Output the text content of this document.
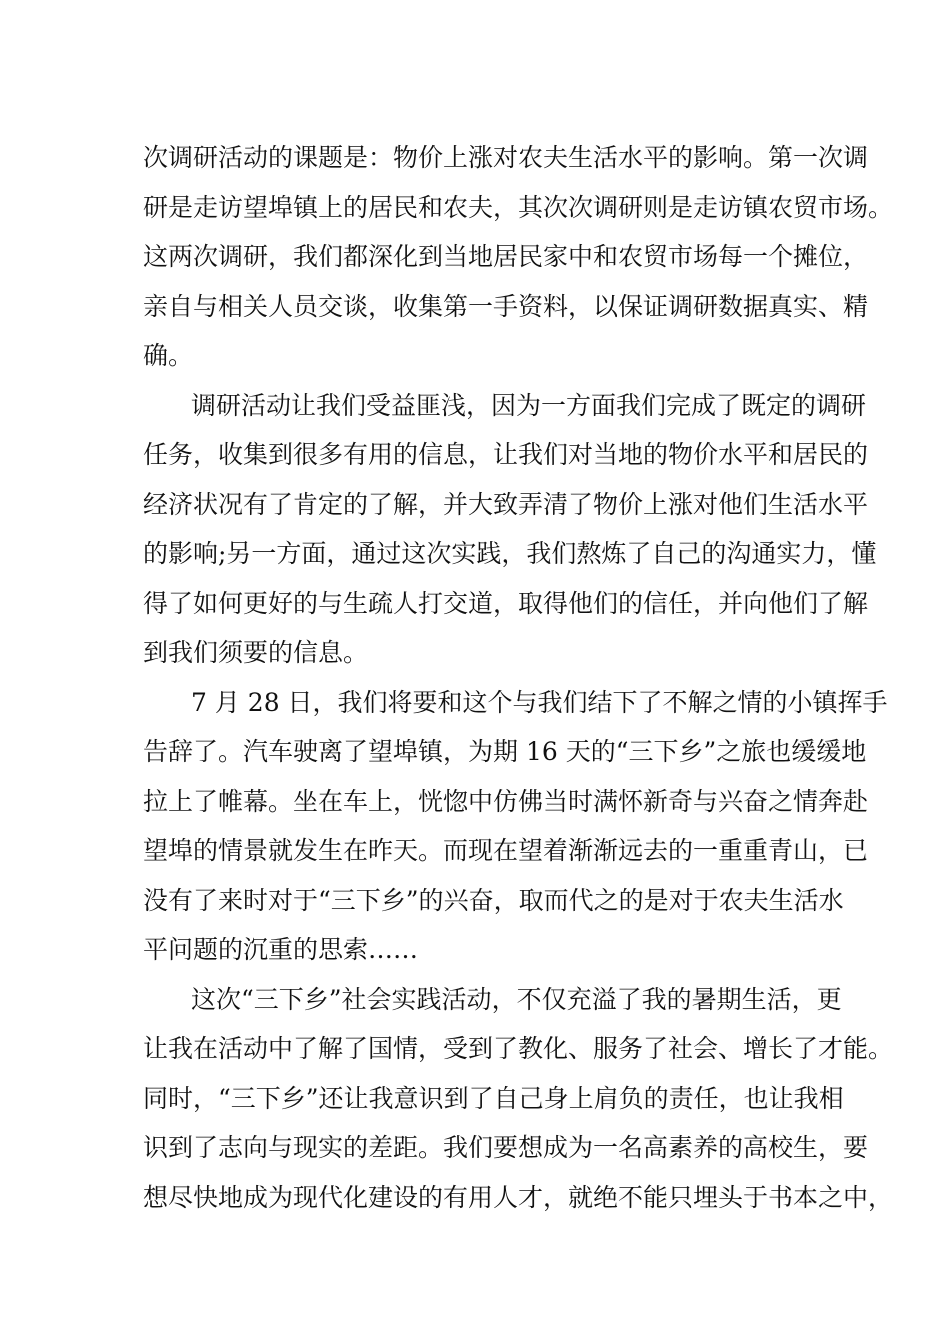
次调研活动的课题是：物价上涨对农夫生活水平的影响。第一次调
研是走访望埠镇上的居民和农夫，其次次调研则是走访镇农贸市场。
这两次调研，我们都深化到当地居民家中和农贸市场每一个摊位，
亲自与相关人员交谈，收集第一手资料，以保证调研数据真实、精
确。
调研活动让我们受益匪浅，因为一方面我们完成了既定的调研
任务，收集到很多有用的信息，让我们对当地的物价水平和居民的
经济状况有了肯定的了解，并大致弄清了物价上涨对他们生活水平
的影响;另一方面，通过这次实践，我们熬炼了自己的沟通实力，懂
得了如何更好的与生疏人打交道，取得他们的信任，并向他们了解
到我们须要的信息。
7 月 28 日，我们将要和这个与我们结下了不解之情的小镇挥手
告辞了。汽车驶离了望埠镇，为期 16 天的“三下乡”之旅也缓缓地
拉上了帷幕。坐在车上，恍惚中仿佛当时满怀新奇与兴奋之情奔赴
望埠的情景就发生在昨天。而现在望着渐渐远去的一重重青山，已
没有了来时对于“三下乡”的兴奋，取而代之的是对于农夫生活水
平问题的沉重的思索……
这次“三下乡”社会实践活动，不仅充溢了我的暑期生活，更
让我在活动中了解了国情，受到了教化、服务了社会、增长了才能。
同时，“三下乡”还让我意识到了自己身上肩负的责任，也让我相
识到了志向与现实的差距。我们要想成为一名高素养的高校生，要
想尽快地成为现代化建设的有用人才，就绝不能只埋头于书本之中，
